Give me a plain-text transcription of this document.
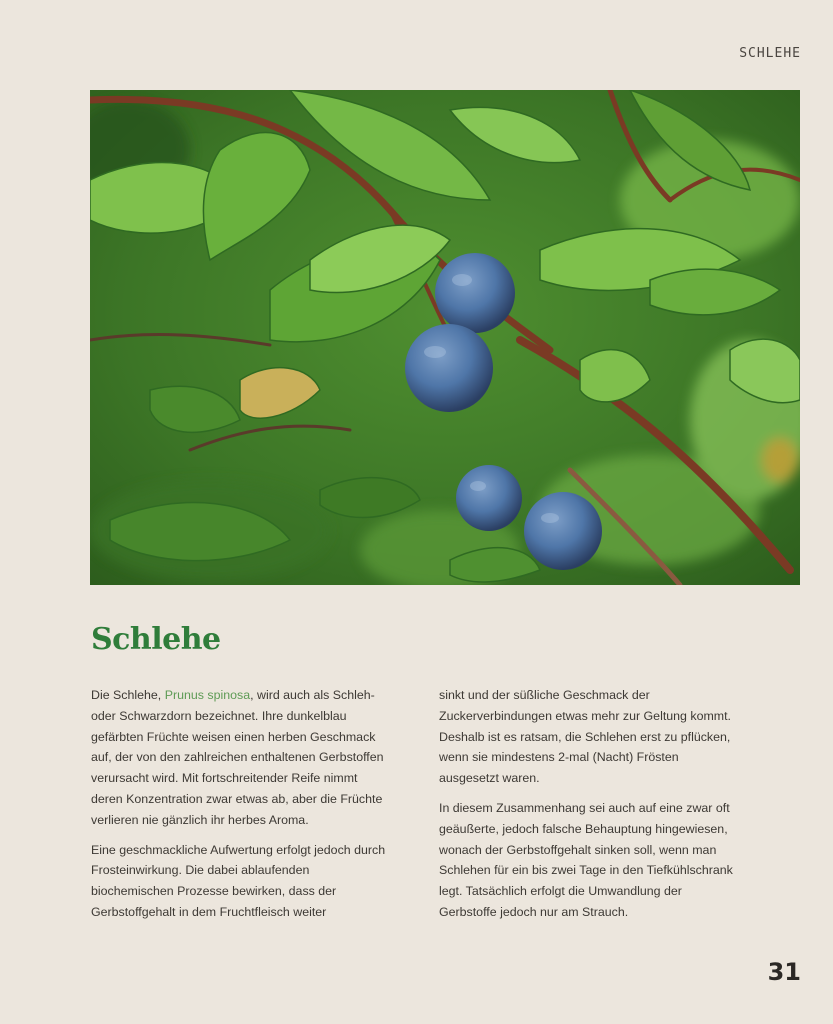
SCHLEHE
Schlehe

Die Schlehe, Prunus spinosa, wird auch als Schleh- oder Schwarzdorn bezeichnet. Ihre dunkelblau gefärbten Früchte weisen einen herben Geschmack auf, der von den zahlreichen enthaltenen Gerbstoffen verursacht wird. Mit fortschreitender Reife nimmt deren Konzentration zwar etwas ab, aber die Früchte verlieren nie gänzlich ihr herbes Aroma.

Eine geschmackliche Aufwertung erfolgt jedoch durch Frosteinwirkung. Die dabei ablaufenden biochemischen Prozesse bewirken, dass der Gerbstoffgehalt in dem Fruchtfleisch weiter

sinkt und der süßliche Geschmack der Zuckerverbindungen etwas mehr zur Geltung kommt. Deshalb ist es ratsam, die Schlehen erst zu pflücken, wenn sie mindestens 2-mal (Nacht) Frösten ausgesetzt waren.

In diesem Zusammenhang sei auch auf eine zwar oft geäußerte, jedoch falsche Behauptung hingewiesen, wonach der Gerbstoffgehalt sinken soll, wenn man Schlehen für ein bis zwei Tage in den Tiefkühlschrank legt. Tatsächlich erfolgt die Umwandlung der Gerbstoffe jedoch nur am Strauch.

31
